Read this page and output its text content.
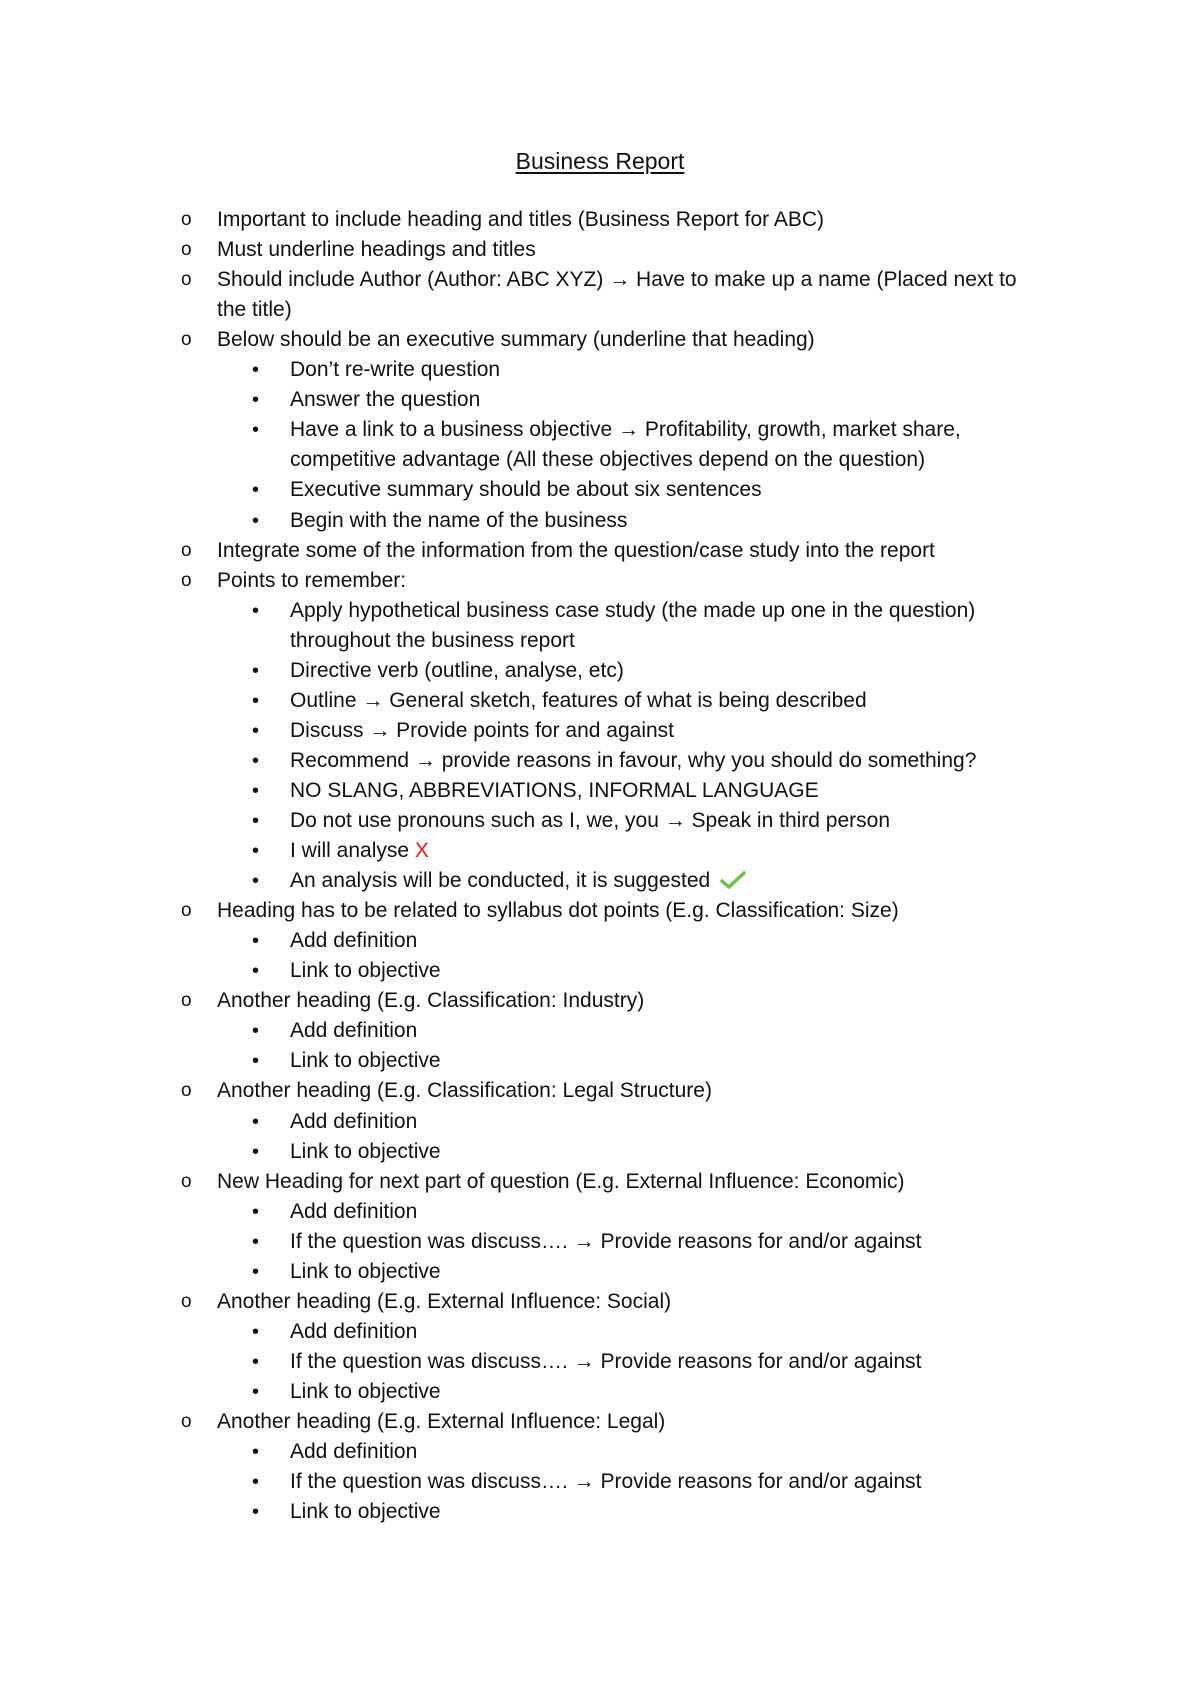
Business Report
o	Important to include heading and titles (Business Report for ABC)
o	Must underline headings and titles
o	Should include Author (Author: ABC XYZ) → Have to make up a name (Placed next to
the title)
o	Below should be an executive summary (underline that heading)
•	Don’t re-write question
•	Answer the question
•	Have a link to a business objective → Profitability, growth, market share,
competitive advantage (All these objectives depend on the question)
•	Executive summary should be about six sentences
•	Begin with the name of the business
o	Integrate some of the information from the question/case study into the report
o	Points to remember:
•	Apply hypothetical business case study (the made up one in the question)
throughout the business report
•	Directive verb (outline, analyse, etc)
•	Outline → General sketch, features of what is being described
•	Discuss → Provide points for and against
•	Recommend → provide reasons in favour, why you should do something?
•	NO SLANG, ABBREVIATIONS, INFORMAL LANGUAGE
•	Do not use pronouns such as I, we, you → Speak in third person
•	I will analyse X
•	An analysis will be conducted, it is suggested
o	Heading has to be related to syllabus dot points (E.g. Classification: Size)
•	Add definition
•	Link to objective
o	Another heading (E.g. Classification: Industry)
•	Add definition
•	Link to objective
o	Another heading (E.g. Classification: Legal Structure)
•	Add definition
•	Link to objective
o	New Heading for next part of question (E.g. External Influence: Economic)
•	Add definition
•	If the question was discuss…. → Provide reasons for and/or against
•	Link to objective
o	Another heading (E.g. External Influence: Social)
•	Add definition
•	If the question was discuss…. → Provide reasons for and/or against
•	Link to objective
o	Another heading (E.g. External Influence: Legal)
•	Add definition
•	If the question was discuss…. → Provide reasons for and/or against
•	Link to objective
